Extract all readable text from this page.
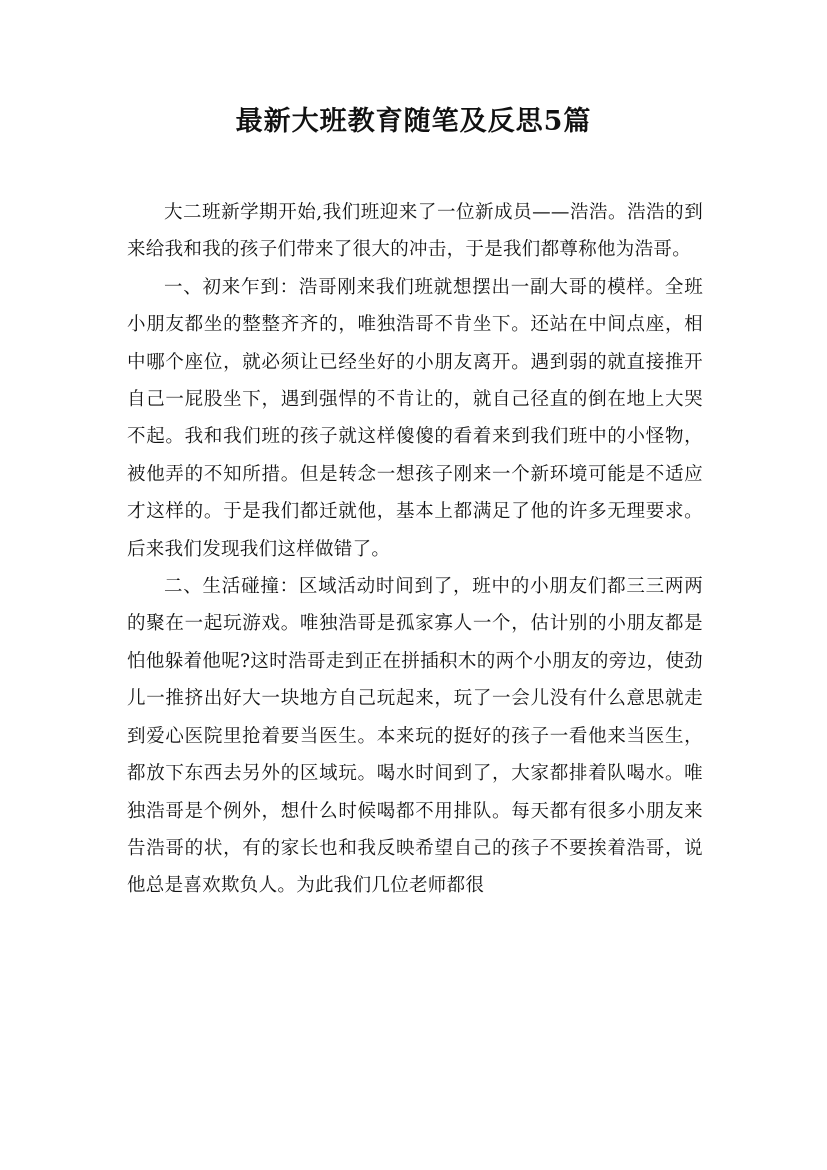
最新大班教育随笔及反思5篇

大二班新学期开始,我们班迎来了一位新成员——浩浩。浩浩的到来给我和我的孩子们带来了很大的冲击，于是我们都尊称他为浩哥。

一、初来乍到：浩哥刚来我们班就想摆出一副大哥的模样。全班小朋友都坐的整整齐齐的，唯独浩哥不肯坐下。还站在中间点座，相中哪个座位，就必须让已经坐好的小朋友离开。遇到弱的就直接推开自己一屁股坐下，遇到强悍的不肯让的，就自己径直的倒在地上大哭不起。我和我们班的孩子就这样傻傻的看着来到我们班中的小怪物，被他弄的不知所措。但是转念一想孩子刚来一个新环境可能是不适应才这样的。于是我们都迁就他，基本上都满足了他的许多无理要求。后来我们发现我们这样做错了。

二、生活碰撞：区域活动时间到了，班中的小朋友们都三三两两的聚在一起玩游戏。唯独浩哥是孤家寡人一个，估计别的小朋友都是怕他躲着他呢?这时浩哥走到正在拼插积木的两个小朋友的旁边，使劲儿一推挤出好大一块地方自己玩起来，玩了一会儿没有什么意思就走到爱心医院里抢着要当医生。本来玩的挺好的孩子一看他来当医生，都放下东西去另外的区域玩。喝水时间到了，大家都排着队喝水。唯独浩哥是个例外，想什么时候喝都不用排队。每天都有很多小朋友来告浩哥的状，有的家长也和我反映希望自己的孩子不要挨着浩哥，说他总是喜欢欺负人。为此我们几位老师都很
